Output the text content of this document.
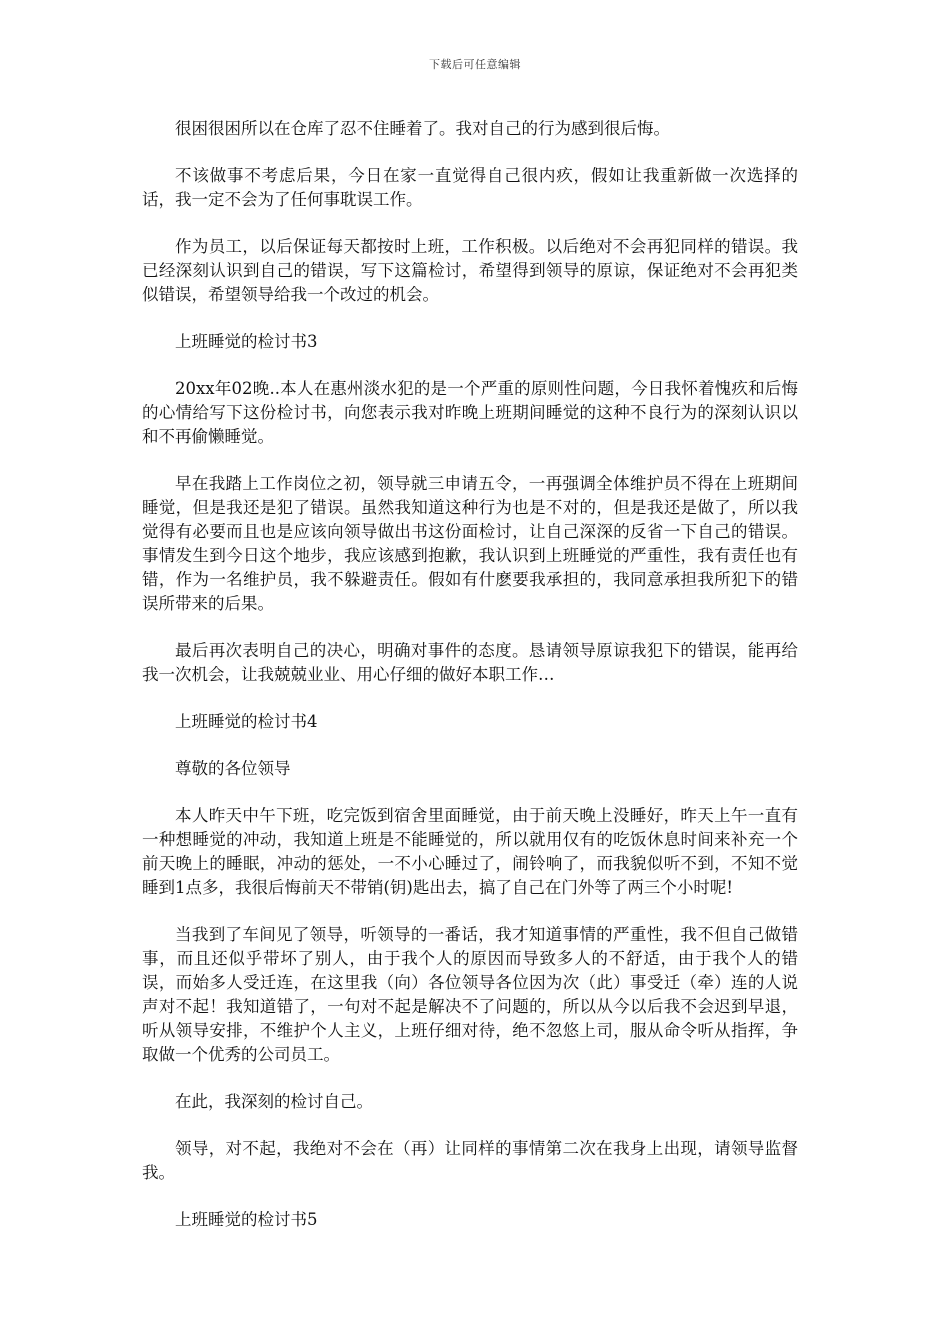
下载后可任意编辑

很困很困所以在仓库了忍不住睡着了。我对自己的行为感到很后悔。

不该做事不考虑后果，今日在家一直觉得自己很内疚，假如让我重新做一次选择的话，我一定不会为了任何事耽误工作。

作为员工，以后保证每天都按时上班，工作积极。以后绝对不会再犯同样的错误。我已经深刻认识到自己的错误，写下这篇检讨，希望得到领导的原谅，保证绝对不会再犯类似错误，希望领导给我一个改过的机会。

上班睡觉的检讨书3

20xx年02晚..本人在惠州淡水犯的是一个严重的原则性问题，今日我怀着愧疚和后悔的心情给写下这份检讨书，向您表示我对昨晚上班期间睡觉的这种不良行为的深刻认识以和不再偷懒睡觉。

早在我踏上工作岗位之初，领导就三申请五令，一再强调全体维护员不得在上班期间睡觉，但是我还是犯了错误。虽然我知道这种行为也是不对的，但是我还是做了，所以我觉得有必要而且也是应该向领导做出书这份面检讨，让自己深深的反省一下自己的错误。事情发生到今日这个地步，我应该感到抱歉，我认识到上班睡觉的严重性，我有责任也有错，作为一名维护员，我不躲避责任。假如有什麽要我承担的，我同意承担我所犯下的错误所带来的后果。

最后再次表明自己的决心，明确对事件的态度。恳请领导原谅我犯下的错误，能再给我一次机会，让我兢兢业业、用心仔细的做好本职工作…

上班睡觉的检讨书4

尊敬的各位领导

本人昨天中午下班，吃完饭到宿舍里面睡觉，由于前天晚上没睡好，昨天上午一直有一种想睡觉的冲动，我知道上班是不能睡觉的，所以就用仅有的吃饭休息时间来补充一个前天晚上的睡眠，冲动的惩处，一不小心睡过了，闹铃响了，而我貌似听不到，不知不觉睡到1点多，我很后悔前天不带销(钥)匙出去，搞了自己在门外等了两三个小时呢!

当我到了车间见了领导，听领导的一番话，我才知道事情的严重性，我不但自己做错事，而且还似乎带坏了别人，由于我个人的原因而导致多人的不舒适，由于我个人的错误，而始多人受迁连，在这里我（向）各位领导各位因为次（此）事受迁（牵）连的人说声对不起！我知道错了，一句对不起是解决不了问题的，所以从今以后我不会迟到早退，听从领导安排，不维护个人主义，上班仔细对待，绝不忽悠上司，服从命令听从指挥，争取做一个优秀的公司员工。

在此，我深刻的检讨自己。

领导，对不起，我绝对不会在（再）让同样的事情第二次在我身上出现，请领导监督我。

上班睡觉的检讨书5
